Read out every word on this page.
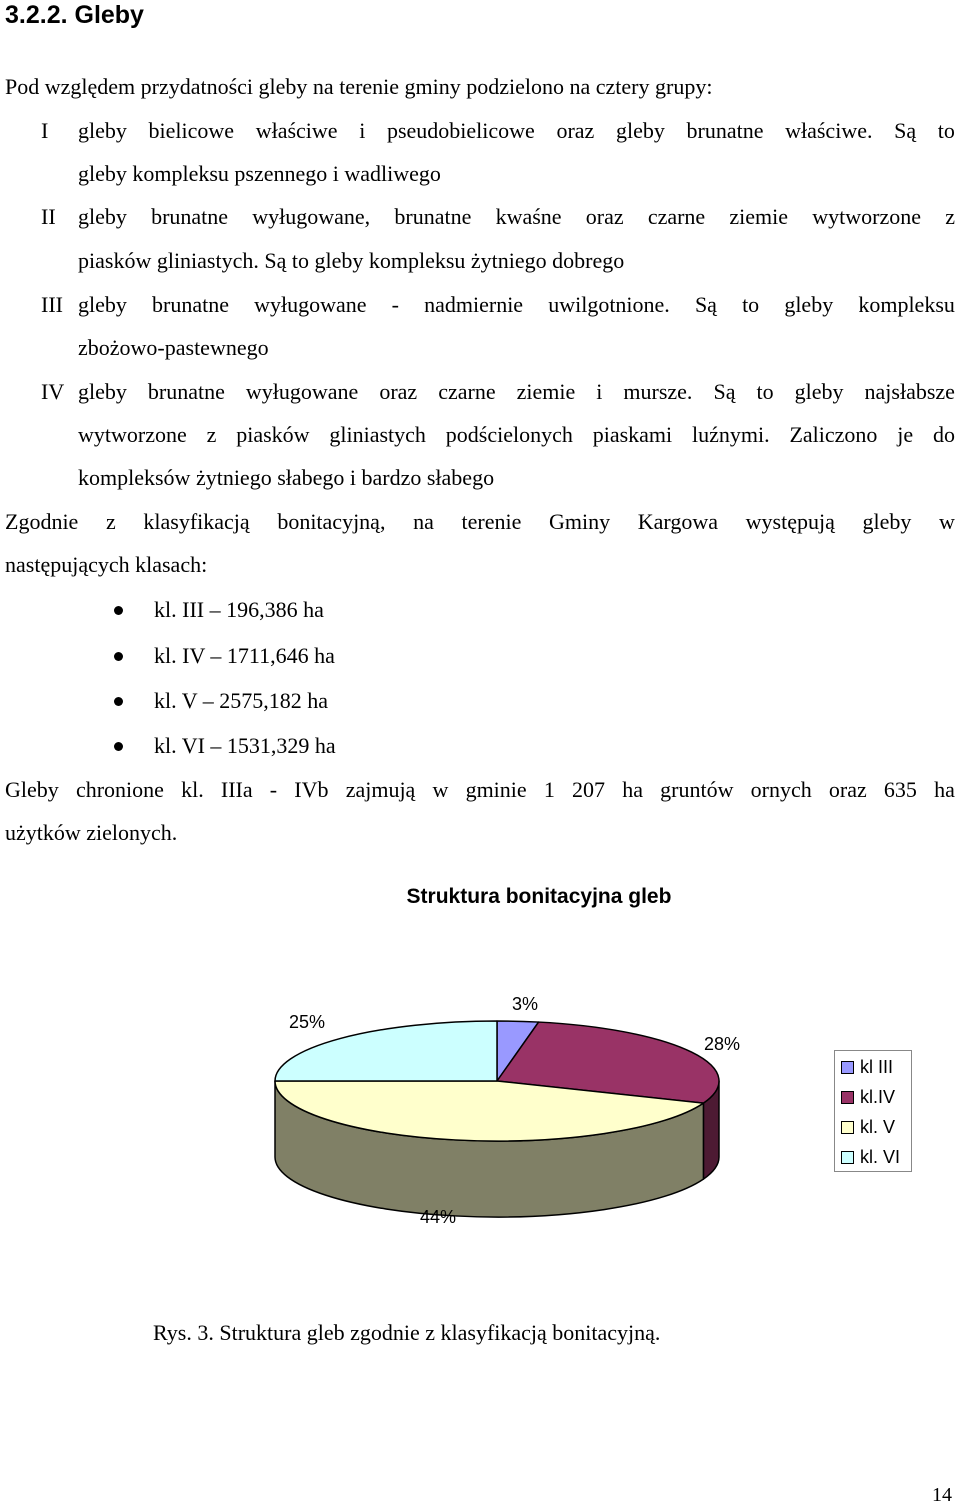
3.2.2. Gleby
Pod względem przydatności gleby na terenie gminy podzielono na cztery grupy:
I gleby bielicowe właściwe i pseudobielicowe oraz gleby brunatne właściwe. Są to
gleby kompleksu pszennego i wadliwego
II gleby brunatne wyługowane, brunatne kwaśne oraz czarne ziemie wytworzone z
piasków gliniastych. Są to gleby kompleksu żytniego dobrego
III gleby brunatne wyługowane - nadmiernie uwilgotnione. Są to gleby kompleksu
zbożowo-pastewnego
IV gleby brunatne wyługowane oraz czarne ziemie i mursze. Są to gleby najsłabsze
wytworzone z piasków gliniastych podścielonych piaskami luźnymi. Zaliczono je do
kompleksów żytniego słabego i bardzo słabego
Zgodnie z klasyfikacją bonitacyjną, na terenie Gminy Kargowa występują gleby w
następujących klasach:
kl. III – 196,386 ha
kl. IV – 1711,646 ha
kl. V – 2575,182 ha
kl. VI – 1531,329 ha
Gleby chronione kl. IIIa - IVb zajmują w gminie 1 207 ha gruntów ornych oraz 635 ha
użytków zielonych.
Struktura bonitacyjna gleb
25%
3%
28%
44%
kl III
kl.IV
kl. V
kl. VI
Rys. 3. Struktura gleb zgodnie z klasyfikacją bonitacyjną.
14
